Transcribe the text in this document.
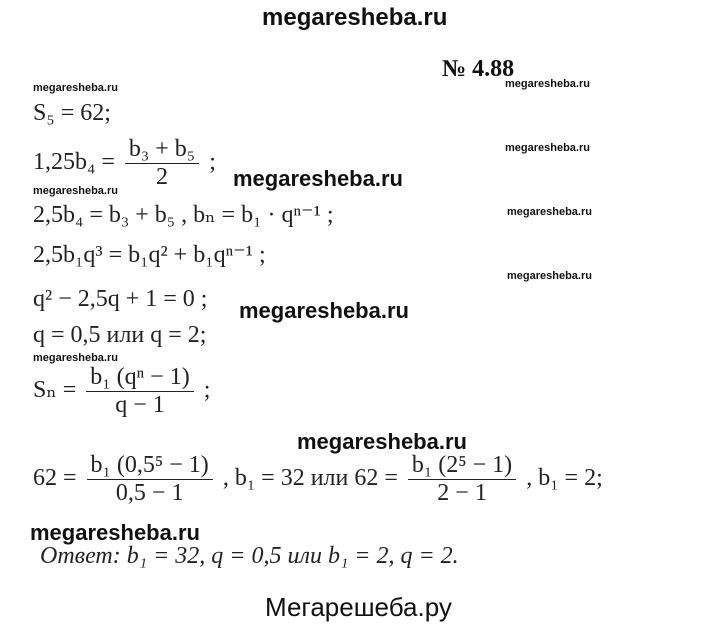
megaresheba.ru
megaresheba.ru	megaresheba.ru
megaresheba.ru
megaresheba.ru
megaresheba.ru
megaresheba.ru
megaresheba.ru
megaresheba.ru
megaresheba.ru
megaresheba.ru
megaresheba.ru
Мегарешеба.ру
№ 4.88
S₅ = 62;
$1,25b_4 = \frac{\text{b₃ + b₅}}{2}$ ;
2,5b₄ = b₃ + b₅ , bₙ = b₁ · qⁿ⁻¹ ;
2,5b₁q³ = b₁q² + b₁qⁿ⁻¹ ;
q² − 2,5q + 1 = 0 ;
q = 0,5 или q = 2;
$S_n = \frac{\text{b₁ (qⁿ − 1)}}{q - 1}$ ;
$62 = \frac{\text{b₁ (0,5⁵ − 1)}}{0,5 - 1}$ , b₁ = 32 или $62 = \frac{\text{b₁ (2⁵ − 1)}}{2 - 1}$ , b₁ = 2;
Ответ: b₁ = 32, q = 0,5 или b₁ = 2, q = 2.
